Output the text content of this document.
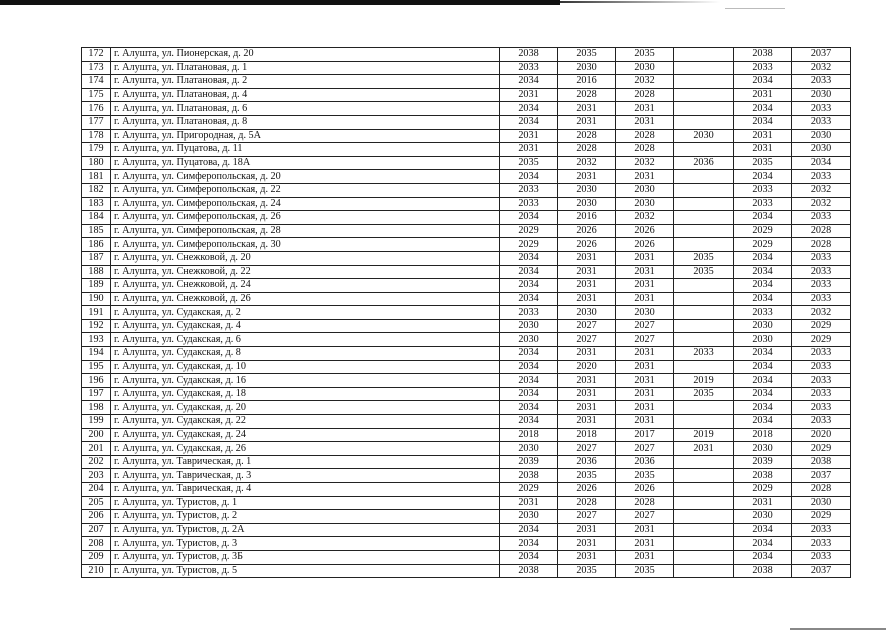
172	г. Алушта, ул. Пионерская, д. 20	2038	2035	2035		2038	2037
173	г. Алушта, ул. Платановая, д. 1	2033	2030	2030		2033	2032
174	г. Алушта, ул. Платановая, д. 2	2034	2016	2032		2034	2033
175	г. Алушта, ул. Платановая, д. 4	2031	2028	2028		2031	2030
176	г. Алушта, ул. Платановая, д. 6	2034	2031	2031		2034	2033
177	г. Алушта, ул. Платановая, д. 8	2034	2031	2031		2034	2033
178	г. Алушта, ул. Пригородная, д. 5А	2031	2028	2028	2030	2031	2030
179	г. Алушта, ул. Пуцатова, д. 11	2031	2028	2028		2031	2030
180	г. Алушта, ул. Пуцатова, д. 18А	2035	2032	2032	2036	2035	2034
181	г. Алушта, ул. Симферопольская, д. 20	2034	2031	2031		2034	2033
182	г. Алушта, ул. Симферопольская, д. 22	2033	2030	2030		2033	2032
183	г. Алушта, ул. Симферопольская, д. 24	2033	2030	2030		2033	2032
184	г. Алушта, ул. Симферопольская, д. 26	2034	2016	2032		2034	2033
185	г. Алушта, ул. Симферопольская, д. 28	2029	2026	2026		2029	2028
186	г. Алушта, ул. Симферопольская, д. 30	2029	2026	2026		2029	2028
187	г. Алушта, ул. Снежковой, д. 20	2034	2031	2031	2035	2034	2033
188	г. Алушта, ул. Снежковой, д. 22	2034	2031	2031	2035	2034	2033
189	г. Алушта, ул. Снежковой, д. 24	2034	2031	2031		2034	2033
190	г. Алушта, ул. Снежковой, д. 26	2034	2031	2031		2034	2033
191	г. Алушта, ул. Судакская, д. 2	2033	2030	2030		2033	2032
192	г. Алушта, ул. Судакская, д. 4	2030	2027	2027		2030	2029
193	г. Алушта, ул. Судакская, д. 6	2030	2027	2027		2030	2029
194	г. Алушта, ул. Судакская, д. 8	2034	2031	2031	2033	2034	2033
195	г. Алушта, ул. Судакская, д. 10	2034	2020	2031		2034	2033
196	г. Алушта, ул. Судакская, д. 16	2034	2031	2031	2019	2034	2033
197	г. Алушта, ул. Судакская, д. 18	2034	2031	2031	2035	2034	2033
198	г. Алушта, ул. Судакская, д. 20	2034	2031	2031		2034	2033
199	г. Алушта, ул. Судакская, д. 22	2034	2031	2031		2034	2033
200	г. Алушта, ул. Судакская, д. 24	2018	2018	2017	2019	2018	2020
201	г. Алушта, ул. Судакская, д. 26	2030	2027	2027	2031	2030	2029
202	г. Алушта, ул. Таврическая, д. 1	2039	2036	2036		2039	2038
203	г. Алушта, ул. Таврическая, д. 3	2038	2035	2035		2038	2037
204	г. Алушта, ул. Таврическая, д. 4	2029	2026	2026		2029	2028
205	г. Алушта, ул. Туристов, д. 1	2031	2028	2028		2031	2030
206	г. Алушта, ул. Туристов, д. 2	2030	2027	2027		2030	2029
207	г. Алушта, ул. Туристов, д. 2А	2034	2031	2031		2034	2033
208	г. Алушта, ул. Туристов, д. 3	2034	2031	2031		2034	2033
209	г. Алушта, ул. Туристов, д. 3Б	2034	2031	2031		2034	2033
210	г. Алушта, ул. Туристов, д. 5	2038	2035	2035		2038	2037
